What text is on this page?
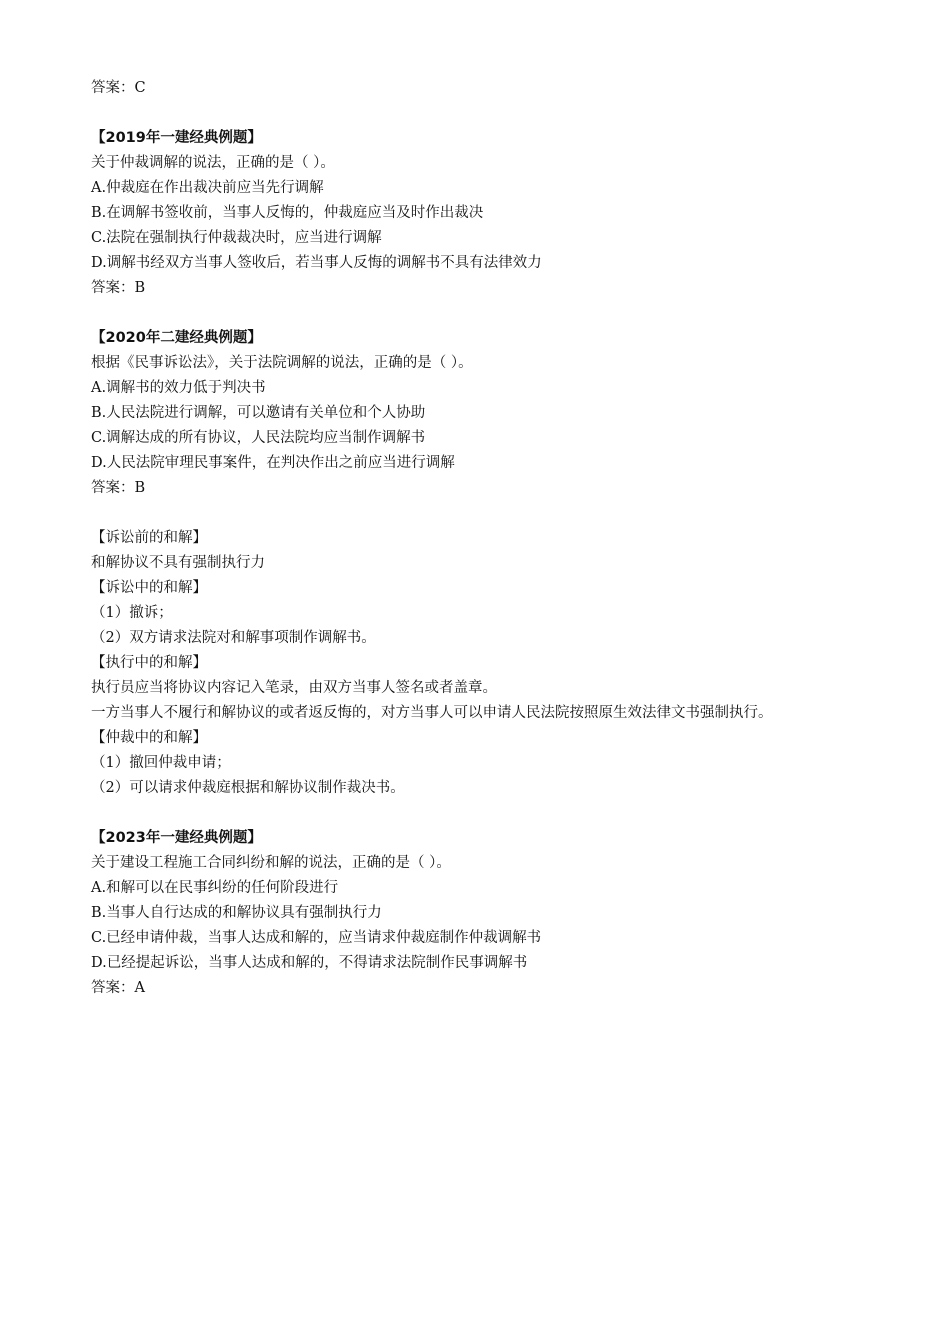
答案：C
【2019年一建经典例题】
关于仲裁调解的说法，正确的是（ ）。
A.仲裁庭在作出裁决前应当先行调解
B.在调解书签收前，当事人反悔的，仲裁庭应当及时作出裁决
C.法院在强制执行仲裁裁决时，应当进行调解
D.调解书经双方当事人签收后，若当事人反悔的调解书不具有法律效力
答案：B
【2020年二建经典例题】
根据《民事诉讼法》，关于法院调解的说法，正确的是（ ）。
A.调解书的效力低于判决书
B.人民法院进行调解，可以邀请有关单位和个人协助
C.调解达成的所有协议，人民法院均应当制作调解书
D.人民法院审理民事案件，在判决作出之前应当进行调解
答案：B
【诉讼前的和解】
和解协议不具有强制执行力
【诉讼中的和解】
（1）撤诉；
（2）双方请求法院对和解事项制作调解书。
【执行中的和解】
执行员应当将协议内容记入笔录，由双方当事人签名或者盖章。
一方当事人不履行和解协议的或者返反悔的，对方当事人可以申请人民法院按照原生效法律文书强制执行。
【仲裁中的和解】
（1）撤回仲裁申请；
（2）可以请求仲裁庭根据和解协议制作裁决书。
【2023年一建经典例题】
关于建设工程施工合同纠纷和解的说法，正确的是（ ）。
A.和解可以在民事纠纷的任何阶段进行
B.当事人自行达成的和解协议具有强制执行力
C.已经申请仲裁，当事人达成和解的，应当请求仲裁庭制作仲裁调解书
D.已经提起诉讼，当事人达成和解的，不得请求法院制作民事调解书
答案：A
